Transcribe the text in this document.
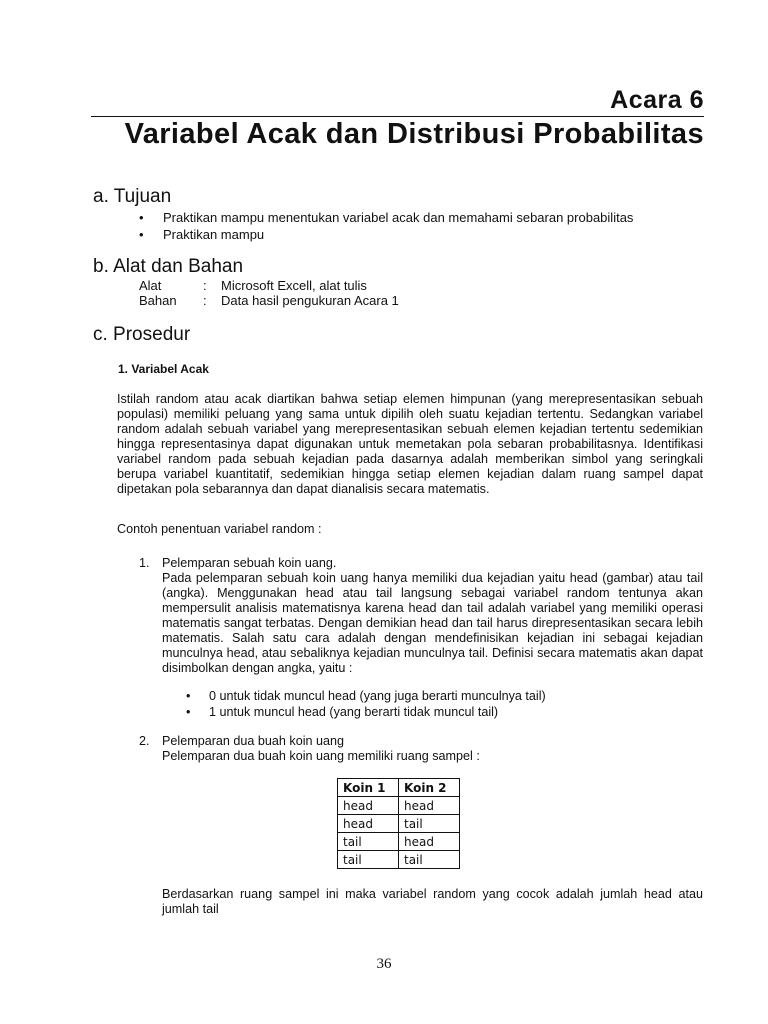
Acara 6
Variabel Acak dan Distribusi Probabilitas
a. Tujuan
• Praktikan mampu menentukan variabel acak dan memahami sebaran probabilitas
• Praktikan mampu
b. Alat dan Bahan
Alat	:	Microsoft Excell, alat tulis
Bahan	:	Data hasil pengukuran Acara 1
c. Prosedur
1. Variabel Acak
Istilah random atau acak diartikan bahwa setiap elemen himpunan (yang merepresentasikan sebuah populasi) memiliki peluang yang sama untuk dipilih oleh suatu kejadian tertentu. Sedangkan variabel random adalah sebuah variabel yang merepresentasikan sebuah elemen kejadian tertentu sedemikian hingga representasinya dapat digunakan untuk memetakan pola sebaran probabilitasnya. Identifikasi variabel random pada sebuah kejadian pada dasarnya adalah memberikan simbol yang seringkali berupa variabel kuantitatif, sedemikian hingga setiap elemen kejadian dalam ruang sampel dapat dipetakan pola sebarannya dan dapat dianalisis secara matematis.
Contoh penentuan variabel random :
1. Pelemparan sebuah koin uang.
Pada pelemparan sebuah koin uang hanya memiliki dua kejadian yaitu head (gambar) atau tail (angka). Menggunakan head atau tail langsung sebagai variabel random tentunya akan mempersulit analisis matematisnya karena head dan tail adalah variabel yang memiliki operasi matematis sangat terbatas. Dengan demikian head dan tail harus direpresentasikan secara lebih matematis. Salah satu cara adalah dengan mendefinisikan kejadian ini sebagai kejadian munculnya head, atau sebaliknya kejadian munculnya tail. Definisi secara matematis akan dapat disimbolkan dengan angka, yaitu :
• 0 untuk tidak muncul head (yang juga berarti munculnya tail)
• 1 untuk muncul head (yang berarti tidak muncul tail)
2. Pelemparan dua buah koin uang
Pelemparan dua buah koin uang memiliki ruang sampel :
Koin 1	Koin 2
head	head
head	tail
tail	head
tail	tail
Berdasarkan ruang sampel ini maka variabel random yang cocok adalah jumlah head atau jumlah tail
36
